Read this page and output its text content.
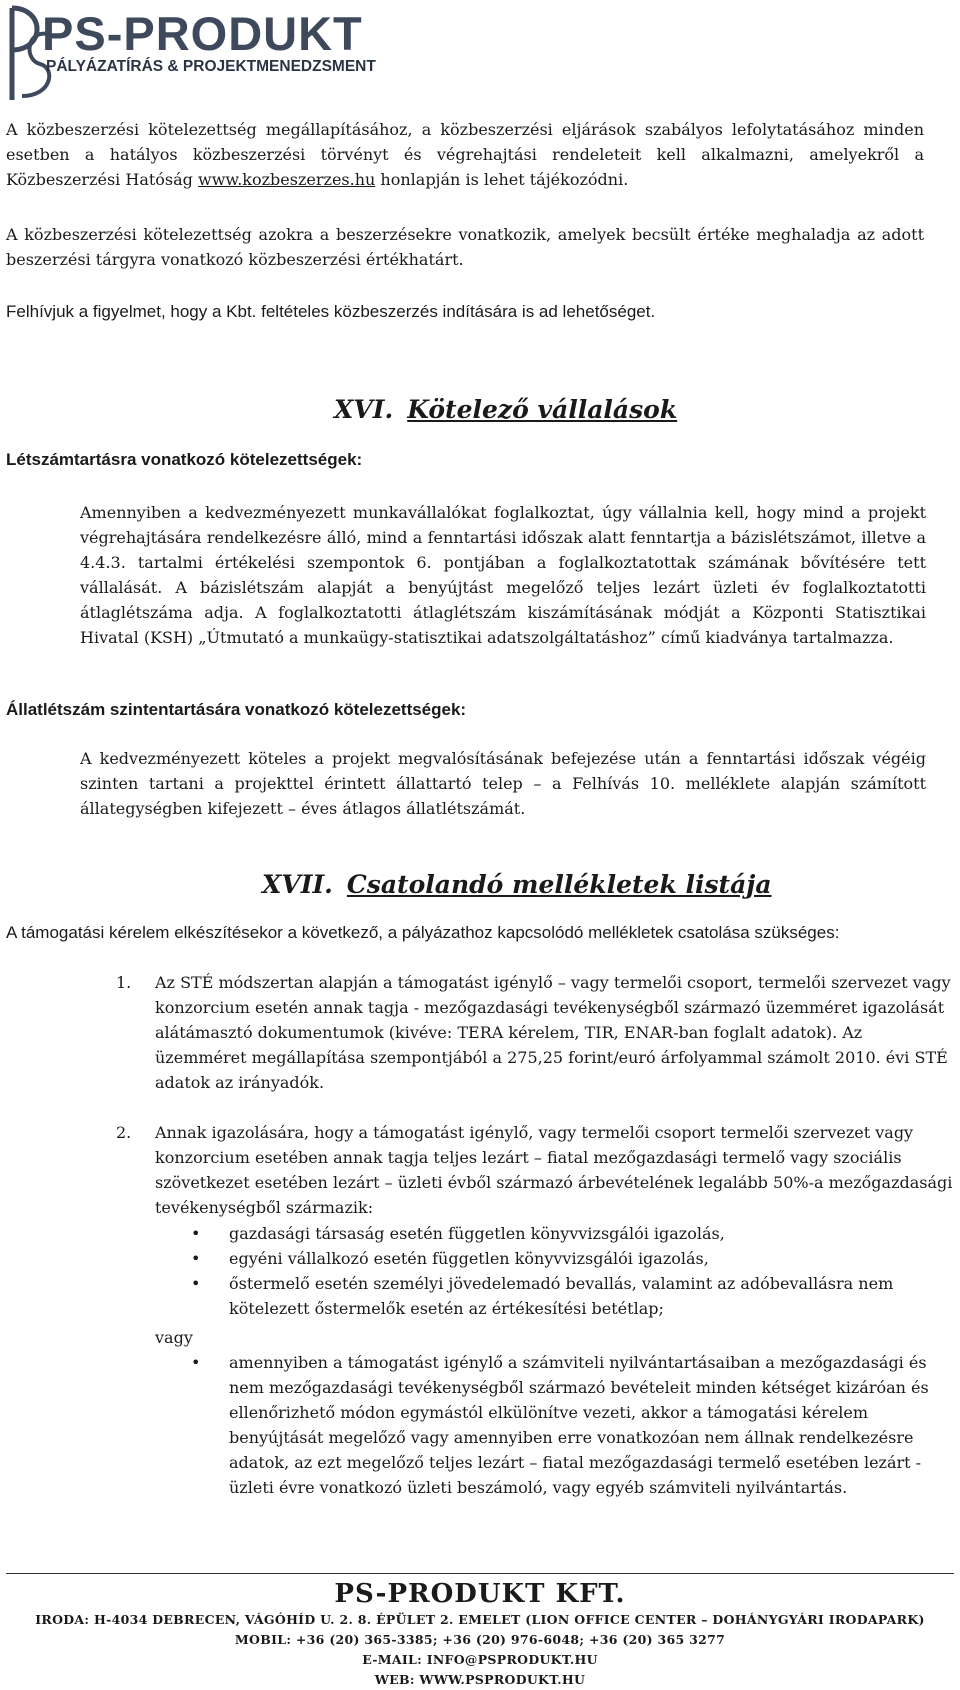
PS-PRODUKT
PÁLYÁZATÍRÁS & PROJEKTMENEDZSMENT

A közbeszerzési kötelezettség megállapításához, a közbeszerzési eljárások szabályos lefolytatásához minden esetben a hatályos közbeszerzési törvényt és végrehajtási rendeleteit kell alkalmazni, amelyekről a Közbeszerzési Hatóság www.kozbeszerzes.hu honlapján is lehet tájékozódni.

A közbeszerzési kötelezettség azokra a beszerzésekre vonatkozik, amelyek becsült értéke meghaladja az adott beszerzési tárgyra vonatkozó közbeszerzési értékhatárt.

Felhívjuk a figyelmet, hogy a Kbt. feltételes közbeszerzés indítására is ad lehetőséget.

XVI. Kötelező vállalások
Létszámtartásra vonatkozó kötelezettségek:

Amennyiben a kedvezményezett munkavállalókat foglalkoztat, úgy vállalnia kell, hogy mind a projekt végrehajtására rendelkezésre álló, mind a fenntartási időszak alatt fenntartja a bázislétszámot, illetve a 4.4.3. tartalmi értékelési szempontok 6. pontjában a foglalkoztatottak számának bővítésére tett vállalását. A bázislétszám alapját a benyújtást megelőző teljes lezárt üzleti év foglalkoztatotti átlaglétszáma adja. A foglalkoztatotti átlaglétszám kiszámításának módját a Központi Statisztikai Hivatal (KSH) „Útmutató a munkaügy-statisztikai adatszolgáltatáshoz” című kiadványa tartalmazza.

Állatlétszám szintentartására vonatkozó kötelezettségek:

A kedvezményezett köteles a projekt megvalósításának befejezése után a fenntartási időszak végéig szinten tartani a projekttel érintett állattartó telep – a Felhívás 10. melléklete alapján számított állategységben kifejezett – éves átlagos állatlétszámát.

XVII. Csatolandó mellékletek listája

A támogatási kérelem elkészítésekor a következő, a pályázathoz kapcsolódó mellékletek csatolása szükséges:

1. Az STÉ módszertan alapján a támogatást igénylő – vagy termelői csoport, termelői szervezet vagy konzorcium esetén annak tagja - mezőgazdasági tevékenységből származó üzemméret igazolását alátámasztó dokumentumok (kivéve: TERA kérelem, TIR, ENAR-ban foglalt adatok). Az üzemméret megállapítása szempontjából a 275,25 forint/euró árfolyammal számolt 2010. évi STÉ adatok az irányadók.
2. Annak igazolására, hogy a támogatást igénylő, vagy termelői csoport termelői szervezet vagy konzorcium esetében annak tagja teljes lezárt – fiatal mezőgazdasági termelő vagy szociális szövetkezet esetében lezárt – üzleti évből származó árbevételének legalább 50%-a mezőgazdasági tevékenységből származik:
• gazdasági társaság esetén független könyvvizsgálói igazolás,
• egyéni vállalkozó esetén független könyvvizsgálói igazolás,
• őstermelő esetén személyi jövedelemadó bevallás, valamint az adóbevallásra nem kötelezett őstermelők esetén az értékesítési betétlap;
vagy
• amennyiben a támogatást igénylő a számviteli nyilvántartásaiban a mezőgazdasági és nem mezőgazdasági tevékenységből származó bevételeit minden kétséget kizáróan és ellenőrizhető módon egymástól elkülönítve vezeti, akkor a támogatási kérelem benyújtását megelőző vagy amennyiben erre vonatkozóan nem állnak rendelkezésre adatok, az ezt megelőző teljes lezárt – fiatal mezőgazdasági termelő esetében lezárt - üzleti évre vonatkozó üzleti beszámoló, vagy egyéb számviteli nyilvántartás.
PS-PRODUKT KFT.
IRODA: H-4034 DEBRECEN, VÁGÓHÍD U. 2. 8. ÉPÜLET 2. EMELET (LION OFFICE CENTER – DOHÁNYGYÁRI IRODAPARK)
MOBIL: +36 (20) 365-3385; +36 (20) 976-6048; +36 (20) 365 3277
E-MAIL: INFO@PSPRODUKT.HU
WEB: WWW.PSPRODUKT.HU
